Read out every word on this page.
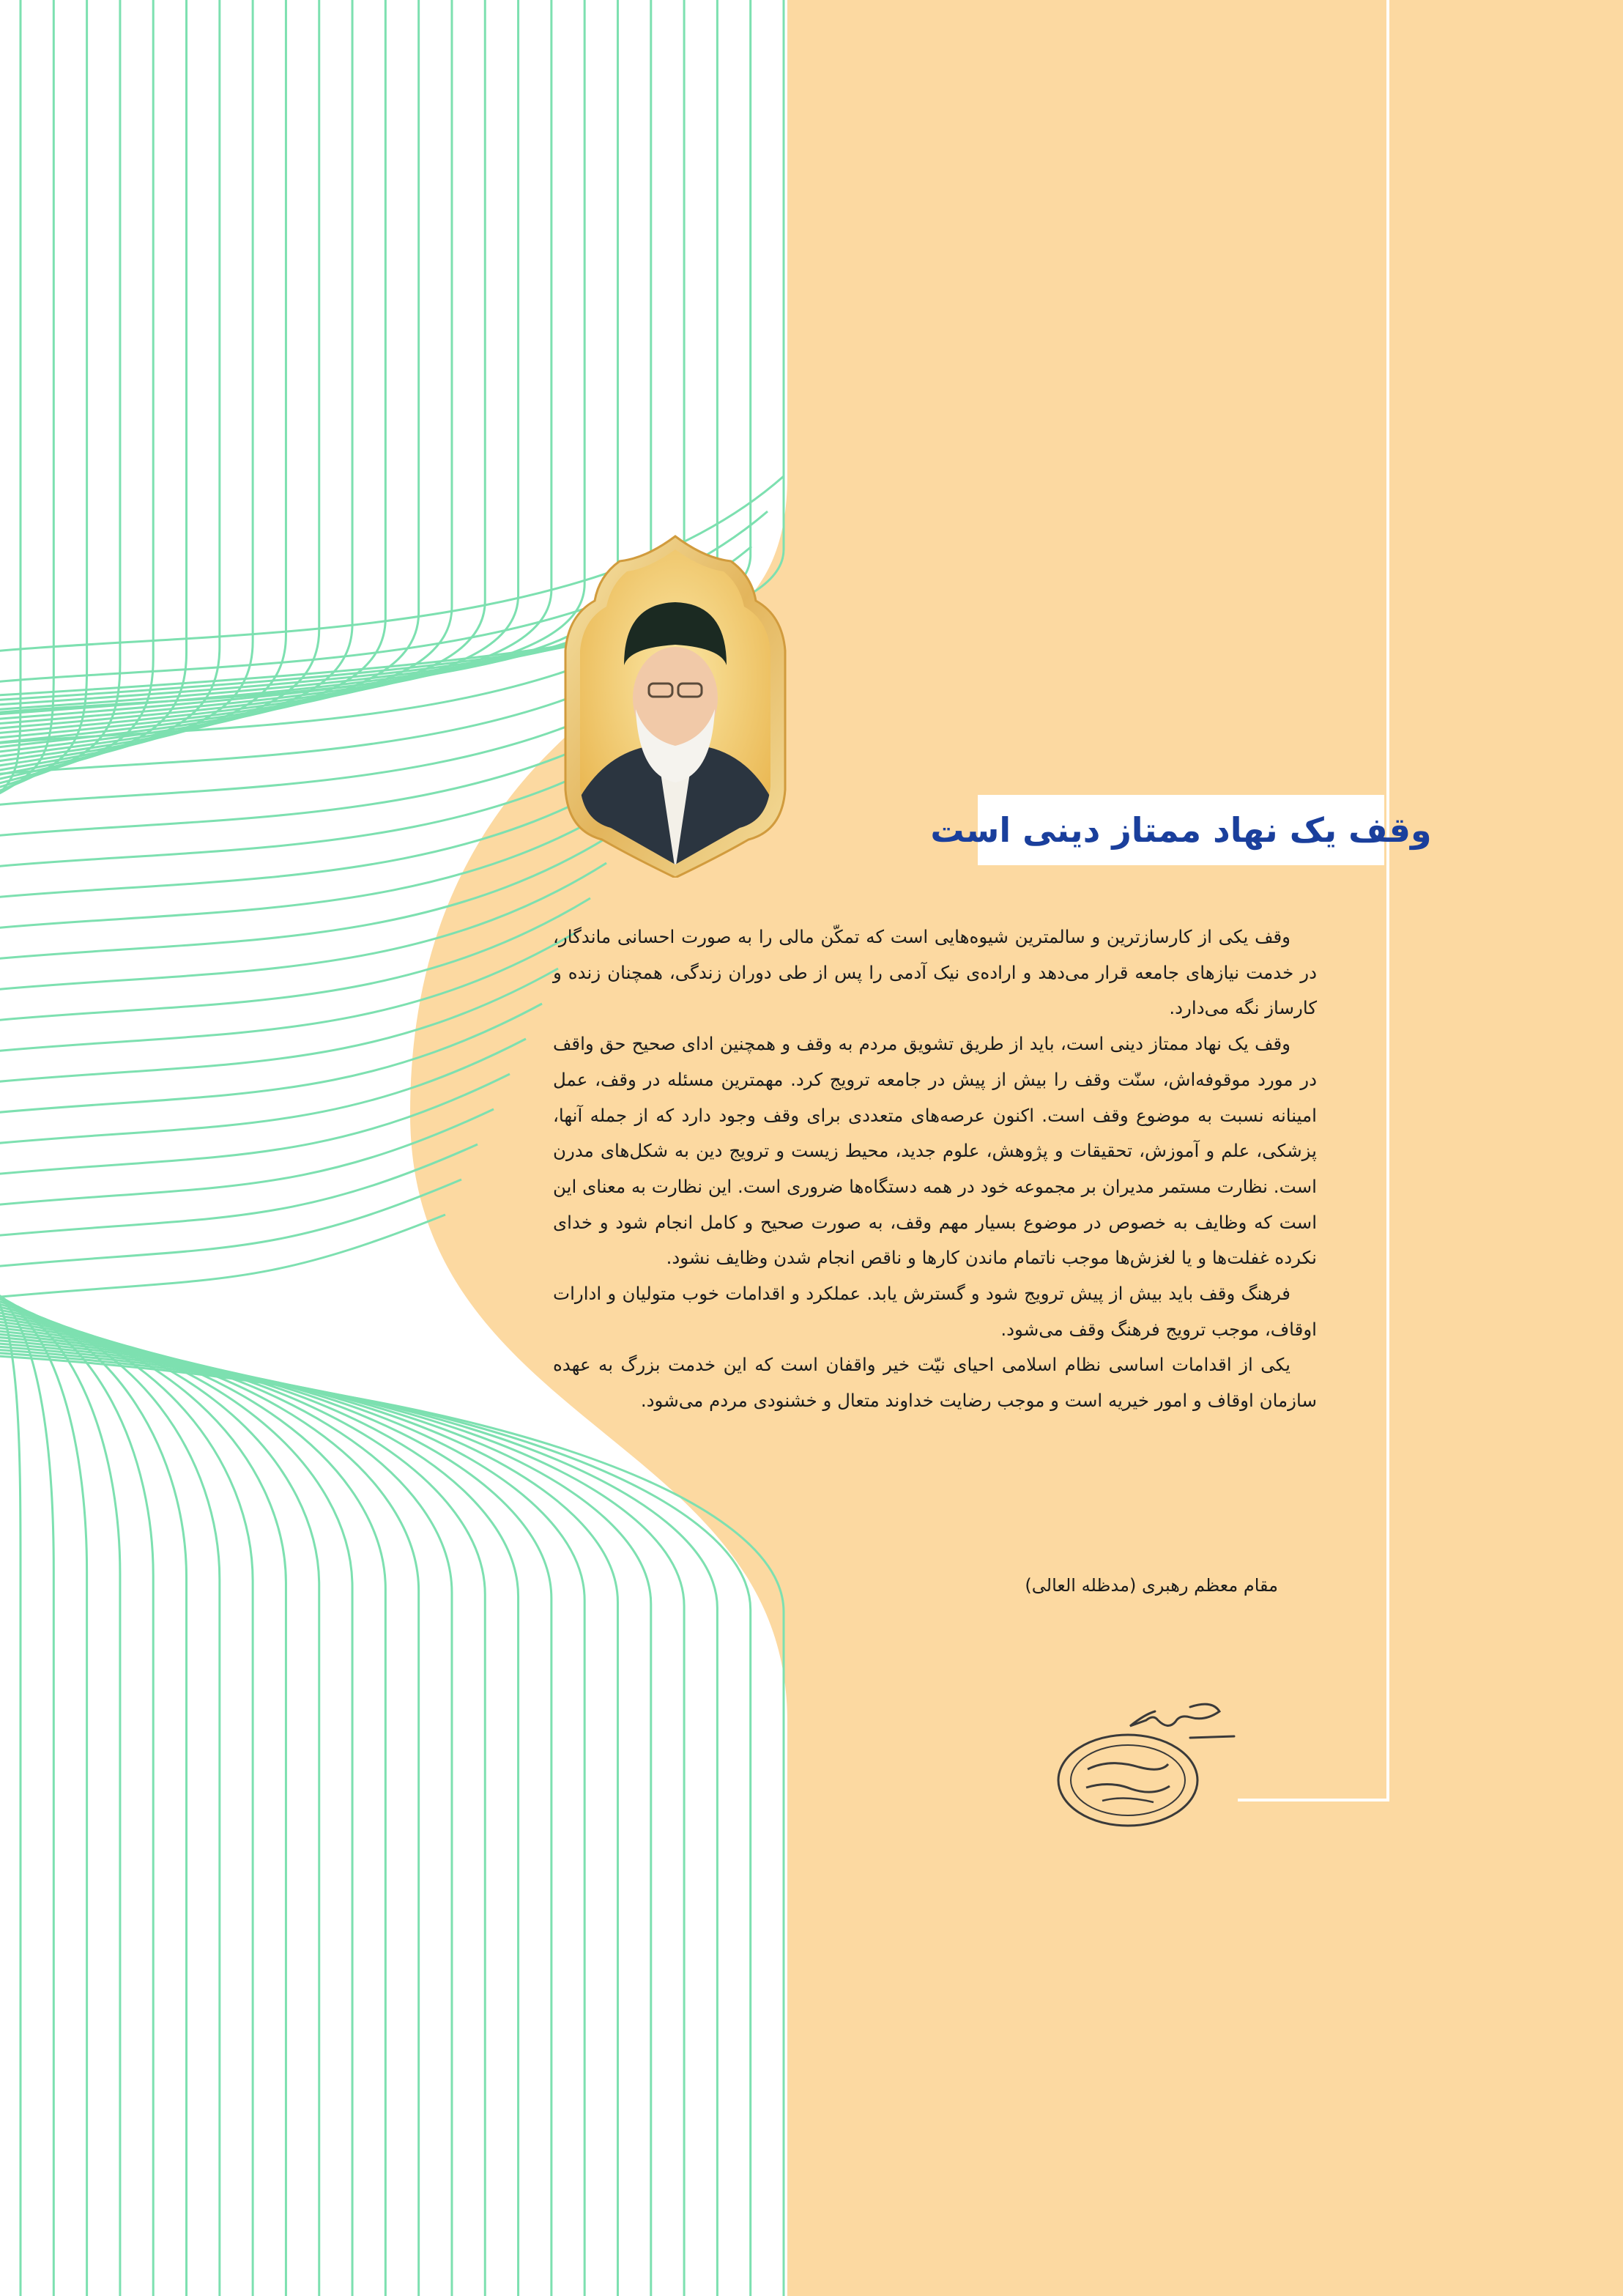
وقف یک نهاد ممتاز دینی است

وقف یکی از کارسازترین و سالمترین شیوه‌هایی است که تمکّن مالی را به صورت احسانی ماندگار، در خدمت نیازهای جامعه قرار می‌دهد و اراده‌ی نیک آدمی را پس از طی دوران زندگی، همچنان زنده و کارساز نگه می‌دارد.

وقف یک نهاد ممتاز دینی است، باید از طریق تشویق مردم به وقف و همچنین ادای صحیح حق واقف در مورد موقوفه‌اش، سنّت وقف را بیش از پیش در جامعه ترویج کرد. مهمترین مسئله در وقف، عمل امینانه نسبت به موضوع وقف است. اکنون عرصه‌های متعددی برای وقف وجود دارد که از جمله آنها، پزشکی، علم و آموزش، تحقیقات و پژوهش، علوم جدید، محیط زیست و ترویج دین به شکل‌های مدرن است. نظارت مستمر مدیران بر مجموعه خود در همه دستگاه‌ها ضروری است. این نظارت به معنای این است که وظایف به خصوص در موضوع بسیار مهم وقف، به صورت صحیح و کامل انجام شود و خدای نکرده غفلت‌ها و یا لغزش‌ها موجب ناتمام ماندن کارها و ناقص انجام شدن وظایف نشود.

فرهنگ وقف باید بیش از پیش ترویج شود و گسترش یابد. عملکرد و اقدامات خوب متولیان و ادارات اوقاف، موجب ترویج فرهنگ وقف می‌شود.

یکی از اقدامات اساسی نظام اسلامی احیای نیّت خیر واقفان است که این خدمت بزرگ به عهده سازمان اوقاف و امور خیریه است و موجب رضایت خداوند متعال و خشنودی مردم می‌شود.

مقام معظم رهبری (مدظله العالی)
